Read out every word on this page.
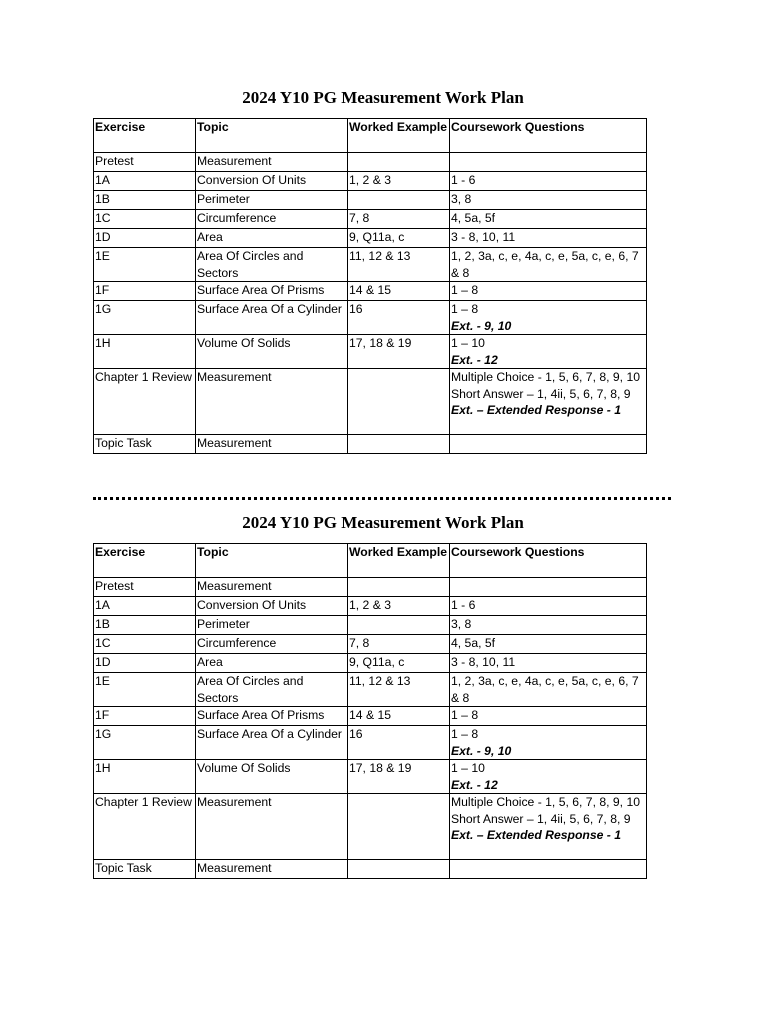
2024 Y10 PG Measurement Work Plan
Exercise	Topic	Worked Example	Coursework Questions
Pretest	Measurement		

1A	Conversion Of Units	1, 2 & 3	1 - 6

1B	Perimeter		3, 8

1C	Circumference	7, 8	4, 5a, 5f

1D	Area	9, Q11a, c	3 - 8, 10, 11

1E	Area Of Circles and Sectors	11, 12 & 13	1, 2, 3a, c, e, 4a, c, e, 5a, c, e, 6, 7 & 8

1F	Surface Area Of Prisms	14 & 15	1 – 8

1G	Surface Area Of a Cylinder	16	1 – 8
Ext. - 9, 10

1H	Volume Of Solids	17, 18 & 19	1 – 10
Ext. - 12

Chapter 1 Review	Measurement		Multiple Choice - 1, 5, 6, 7, 8, 9, 10
Short Answer – 1, 4ii, 5, 6, 7, 8, 9
Ext. – Extended Response - 1

Topic Task	Measurement		
2024 Y10 PG Measurement Work Plan
Exercise	Topic	Worked Example	Coursework Questions
Pretest	Measurement		

1A	Conversion Of Units	1, 2 & 3	1 - 6

1B	Perimeter		3, 8

1C	Circumference	7, 8	4, 5a, 5f

1D	Area	9, Q11a, c	3 - 8, 10, 11

1E	Area Of Circles and Sectors	11, 12 & 13	1, 2, 3a, c, e, 4a, c, e, 5a, c, e, 6, 7 & 8

1F	Surface Area Of Prisms	14 & 15	1 – 8

1G	Surface Area Of a Cylinder	16	1 – 8
Ext. - 9, 10

1H	Volume Of Solids	17, 18 & 19	1 – 10
Ext. - 12

Chapter 1 Review	Measurement		Multiple Choice - 1, 5, 6, 7, 8, 9, 10
Short Answer – 1, 4ii, 5, 6, 7, 8, 9
Ext. – Extended Response - 1

Topic Task	Measurement		
